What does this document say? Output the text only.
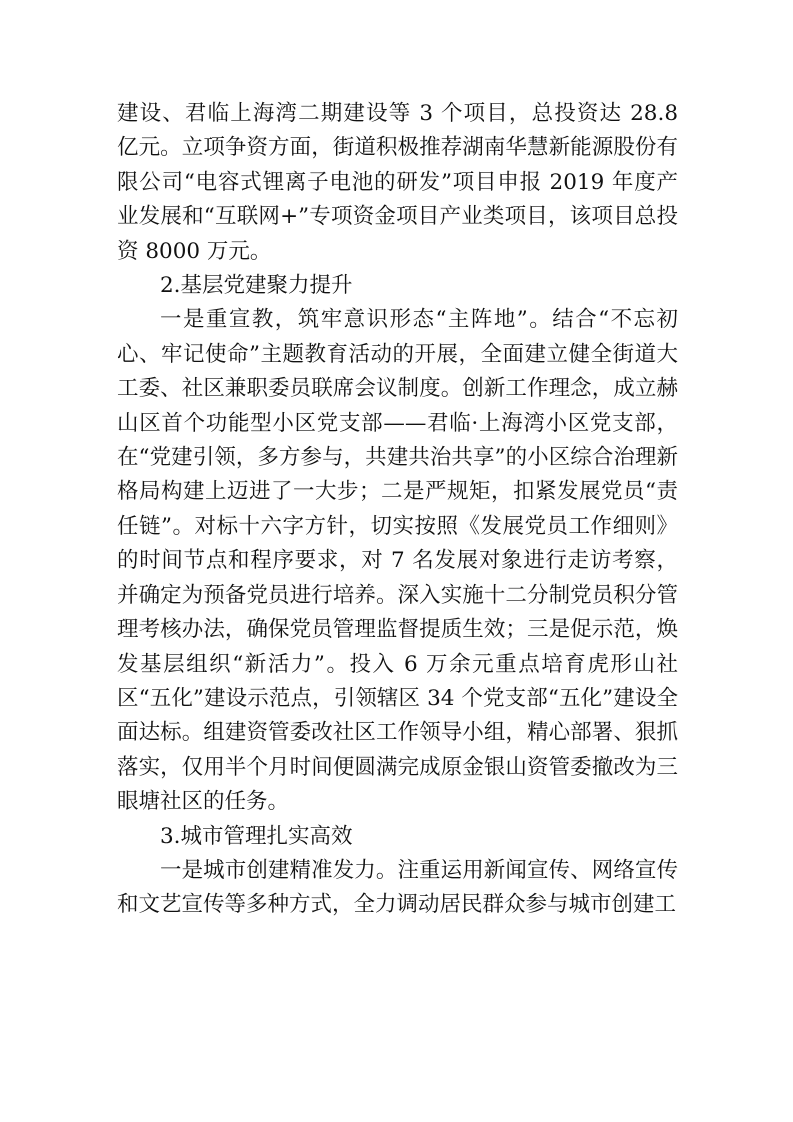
建设、君临上海湾二期建设等 3 个项目，总投资达 28.8 亿元。立项争资方面，街道积极推荐湖南华慧新能源股份有限公司“电容式锂离子电池的研发”项目申报 2019 年度产业发展和“互联网+”专项资金项目产业类项目，该项目总投资 8000 万元。

2.基层党建聚力提升

一是重宣教，筑牢意识形态“主阵地”。结合“不忘初心、牢记使命”主题教育活动的开展，全面建立健全街道大工委、社区兼职委员联席会议制度。创新工作理念，成立赫山区首个功能型小区党支部——君临·上海湾小区党支部，在“党建引领，多方参与，共建共治共享”的小区综合治理新格局构建上迈进了一大步；二是严规矩，扣紧发展党员“责任链”。对标十六字方针，切实按照《发展党员工作细则》的时间节点和程序要求，对 7 名发展对象进行走访考察，并确定为预备党员进行培养。深入实施十二分制党员积分管理考核办法，确保党员管理监督提质生效；三是促示范，焕发基层组织“新活力”。投入 6 万余元重点培育虎形山社区“五化”建设示范点，引领辖区 34 个党支部“五化”建设全面达标。组建资管委改社区工作领导小组，精心部署、狠抓落实，仅用半个月时间便圆满完成原金银山资管委撤改为三眼塘社区的任务。

3.城市管理扎实高效

一是城市创建精准发力。注重运用新闻宣传、网络宣传和文艺宣传等多种方式，全力调动居民群众参与城市创建工
